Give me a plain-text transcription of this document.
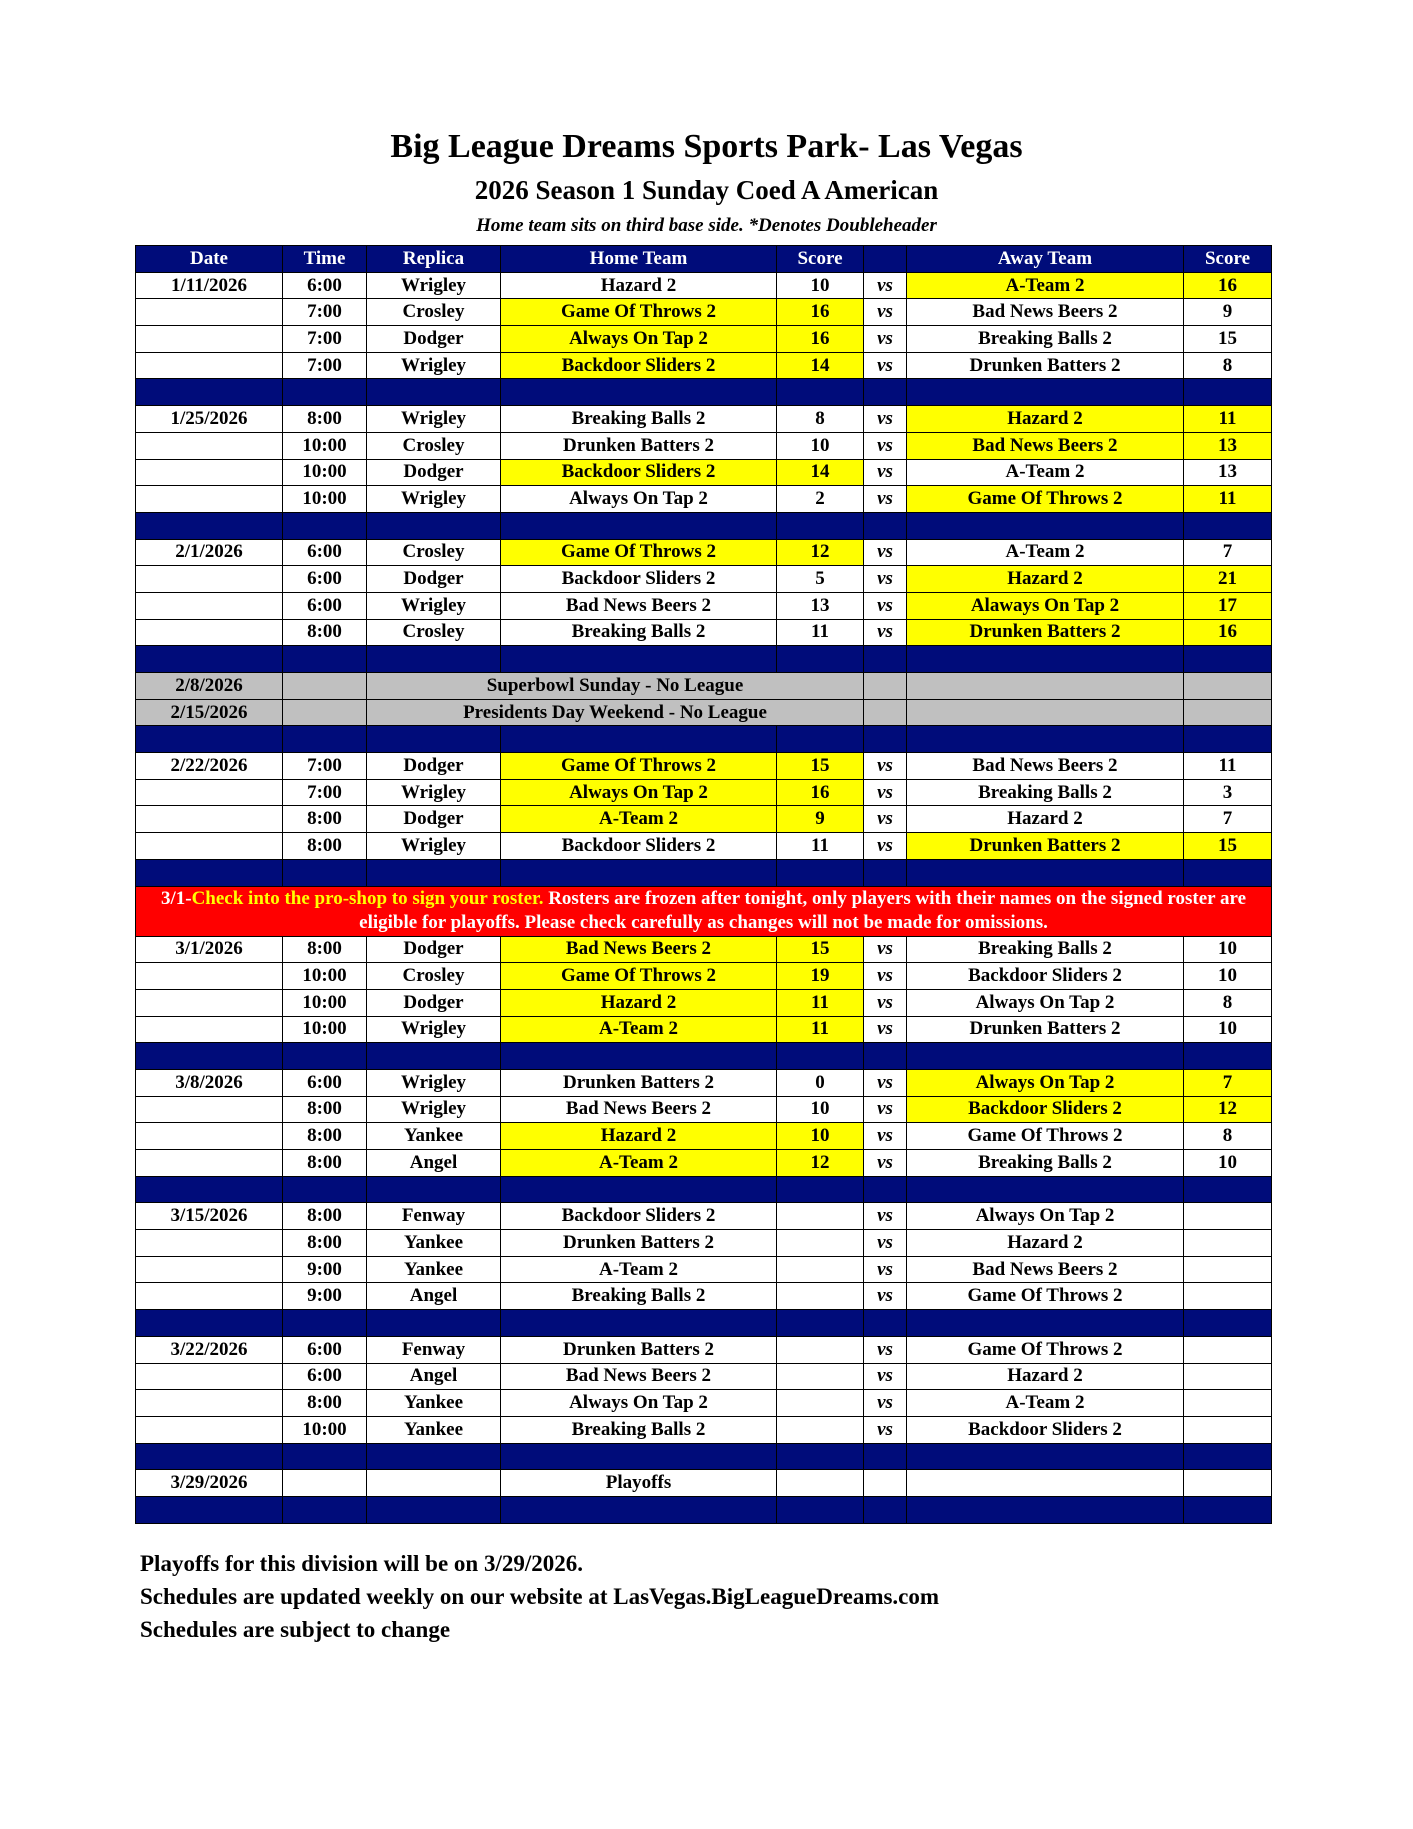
Big League Dreams Sports Park- Las Vegas
2026 Season 1 Sunday Coed A American
Home team sits on third base side. *Denotes Doubleheader
Date	Time	Replica	Home Team	Score		Away Team	Score
1/11/2026	6:00	Wrigley	Hazard 2	10	vs	A-Team 2	16
	7:00	Crosley	Game Of Throws 2	16	vs	Bad News Beers 2	9
	7:00	Dodger	Always On Tap 2	16	vs	Breaking Balls 2	15
	7:00	Wrigley	Backdoor Sliders 2	14	vs	Drunken Batters 2	8

1/25/2026	8:00	Wrigley	Breaking Balls 2	8	vs	Hazard 2	11
	10:00	Crosley	Drunken Batters 2	10	vs	Bad News Beers 2	13
	10:00	Dodger	Backdoor Sliders 2	14	vs	A-Team 2	13
	10:00	Wrigley	Always On Tap 2	2	vs	Game Of Throws 2	11

2/1/2026	6:00	Crosley	Game Of Throws 2	12	vs	A-Team 2	7
	6:00	Dodger	Backdoor Sliders 2	5	vs	Hazard 2	21
	6:00	Wrigley	Bad News Beers 2	13	vs	Alaways On Tap 2	17
	8:00	Crosley	Breaking Balls 2	11	vs	Drunken Batters 2	16

2/8/2026		Superbowl Sunday - No League					
2/15/2026		Presidents Day Weekend - No League					

2/22/2026	7:00	Dodger	Game Of Throws 2	15	vs	Bad News Beers 2	11
	7:00	Wrigley	Always On Tap 2	16	vs	Breaking Balls 2	3
	8:00	Dodger	A-Team 2	9	vs	Hazard 2	7
	8:00	Wrigley	Backdoor Sliders 2	11	vs	Drunken Batters 2	15

3/1-Check into the pro-shop to sign your roster. Rosters are frozen after tonight, only players with their names on the signed roster are eligible for playoffs. Please check carefully as changes will not be made for omissions.							
3/1/2026	8:00	Dodger	Bad News Beers 2	15	vs	Breaking Balls 2	10
	10:00	Crosley	Game Of Throws 2	19	vs	Backdoor Sliders 2	10
	10:00	Dodger	Hazard 2	11	vs	Always On Tap 2	8
	10:00	Wrigley	A-Team 2	11	vs	Drunken Batters 2	10

3/8/2026	6:00	Wrigley	Drunken Batters 2	0	vs	Always On Tap 2	7
	8:00	Wrigley	Bad News Beers 2	10	vs	Backdoor Sliders 2	12
	8:00	Yankee	Hazard 2	10	vs	Game Of Throws 2	8
	8:00	Angel	A-Team 2	12	vs	Breaking Balls 2	10

3/15/2026	8:00	Fenway	Backdoor Sliders 2		vs	Always On Tap 2	
	8:00	Yankee	Drunken Batters 2		vs	Hazard 2	
	9:00	Yankee	A-Team 2		vs	Bad News Beers 2	
	9:00	Angel	Breaking Balls 2		vs	Game Of Throws 2	

3/22/2026	6:00	Fenway	Drunken Batters 2		vs	Game Of Throws 2	
	6:00	Angel	Bad News Beers 2		vs	Hazard 2	
	8:00	Yankee	Always On Tap 2		vs	A-Team 2	
	10:00	Yankee	Breaking Balls 2		vs	Backdoor Sliders 2	

3/29/2026			Playoffs				

Playoffs for this division will be on 3/29/2026.
Schedules are updated weekly on our website at LasVegas.BigLeagueDreams.com
Schedules are subject to change
